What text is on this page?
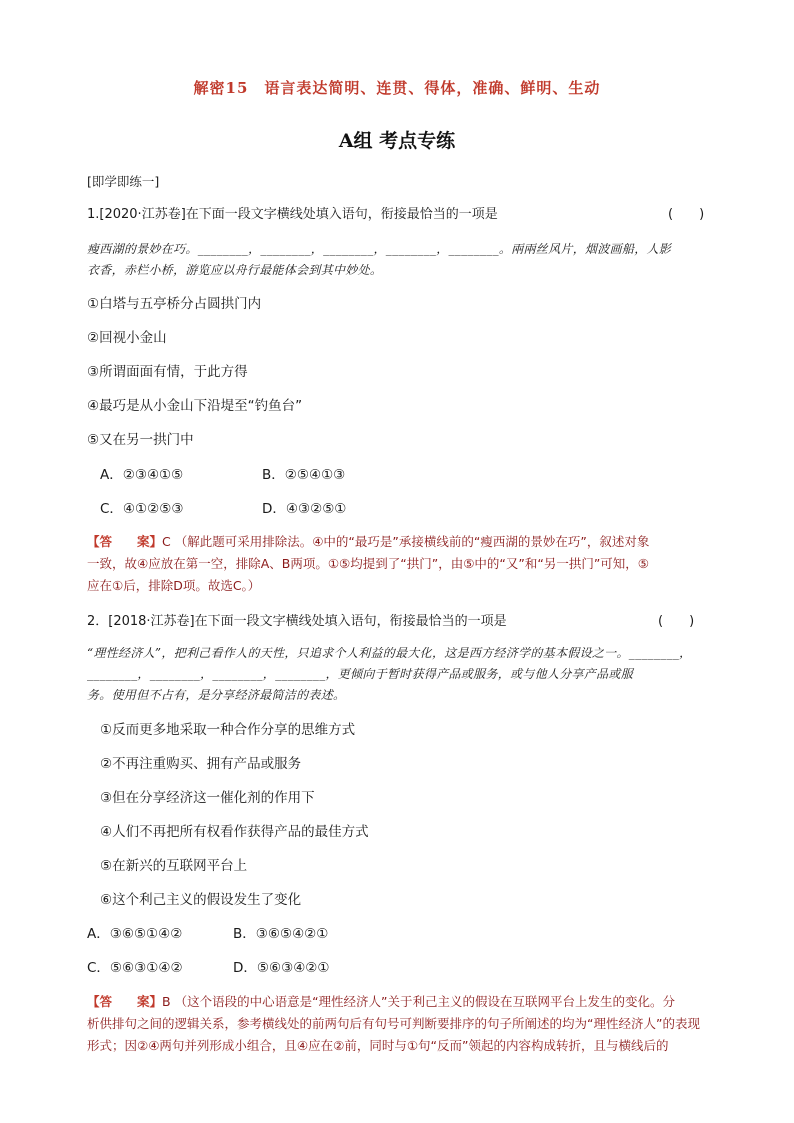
解密15　语言表达简明、连贯、得体，准确、鲜明、生动
A组 考点专练
[即学即练一]
1.[2020·江苏卷]在下面一段文字横线处填入语句，衔接最恰当的一项是	(　　)
瘦西湖的景妙在巧。________，________，________，________，________。兩兩丝风片，烟波画船，人影
衣香，赤栏小桥，游览应以舟行最能体会到其中妙处。
①白塔与五亭桥分占圆拱门内
②回视小金山
③所谓面面有情，于此方得
④最巧是从小金山下沿堤至“钓鱼台”
⑤又在另一拱门中
A．②③④①⑤	B．②⑤④①③
C．④①②⑤③	D．④③②⑤①
【答　　案】C （解此题可采用排除法。④中的“最巧是”承接横线前的“瘦西湖的景妙在巧”，叙述对象
一致，故④应放在第一空，排除A、B两项。①⑤均提到了“拱门”，由⑤中的“又”和“另一拱门”可知，⑤
应在①后，排除D项。故选C。）
2．[2018·江苏卷]在下面一段文字横线处填入语句，衔接最恰当的一项是	(　　)
“理性经济人”，把利己看作人的天性，只追求个人利益的最大化，这是西方经济学的基本假设之一。________，
________，________，________，________，更倾向于暂时获得产品或服务，或与他人分享产品或服
务。使用但不占有，是分享经济最简洁的表述。
①反而更多地采取一种合作分享的思维方式
②不再注重购买、拥有产品或服务
③但在分享经济这一催化剂的作用下
④人们不再把所有权看作获得产品的最佳方式
⑤在新兴的互联网平台上
⑥这个利己主义的假设发生了变化
A．③⑥⑤①④②	B．③⑥⑤④②①
C．⑤⑥③①④②	D．⑤⑥③④②①
【答　　案】B （这个语段的中心语意是“理性经济人”关于利己主义的假设在互联网平台上发生的变化。分
析供排句之间的逻辑关系，参考横线处的前两句后有句号可判断要排序的句子所阐述的均为“理性经济人”的表现
形式；因②④两句并列形成小组合，且④应在②前，同时与①句“反而”领起的内容构成转折，且与横线后的
